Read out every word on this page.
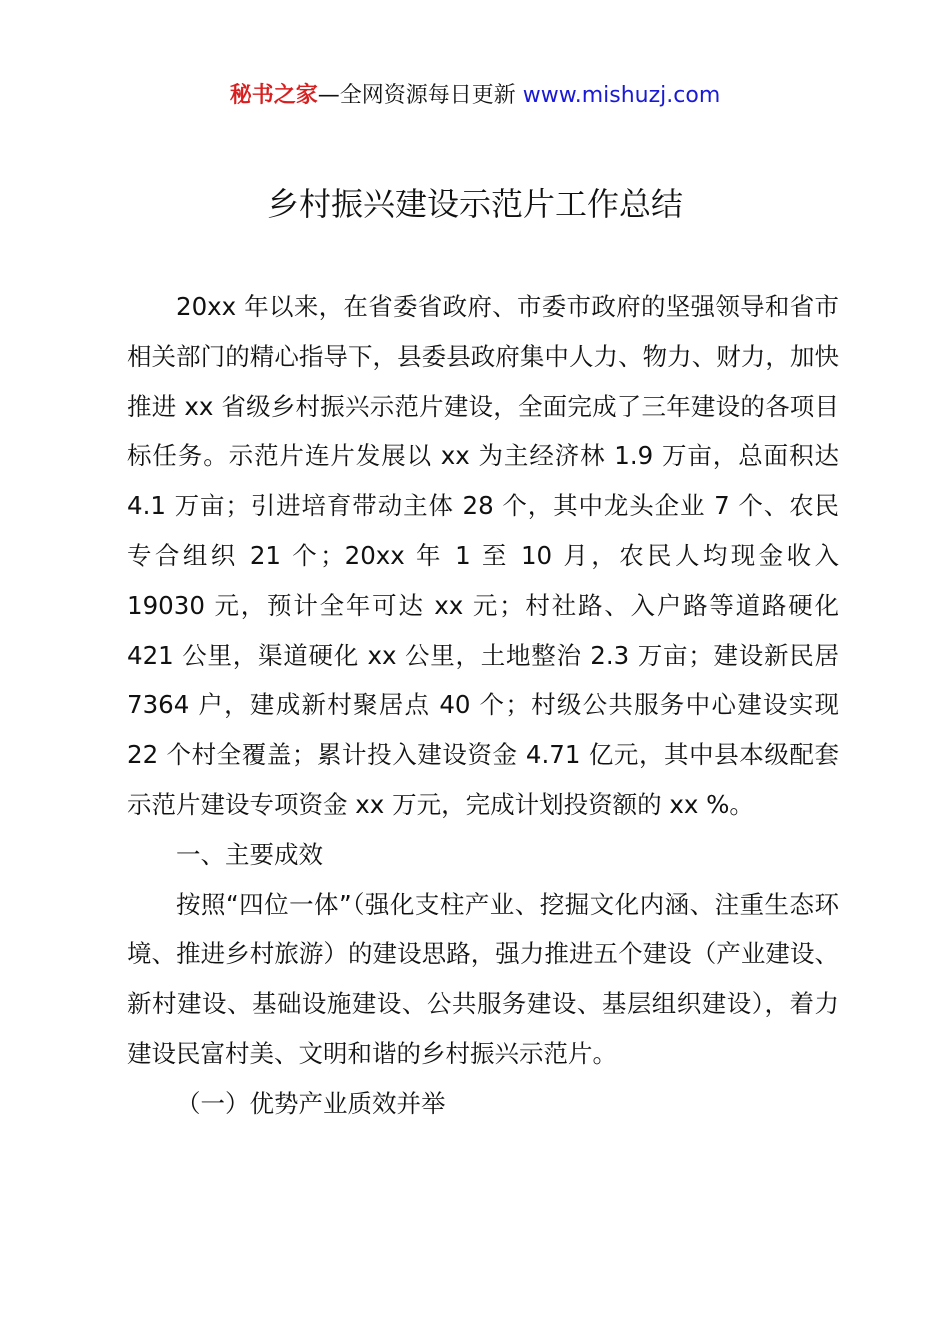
秘书之家—全网资源每日更新 www.mishuzj.com
乡村振兴建设示范片工作总结

20xx 年以来，在省委省政府、市委市政府的坚强领导和省市相关部门的精心指导下，县委县政府集中人力、物力、财力，加快推进 xx 省级乡村振兴示范片建设，全面完成了三年建设的各项目标任务。示范片连片发展以 xx 为主经济林 1.9 万亩，总面积达 4.1 万亩；引进培育带动主体 28 个，其中龙头企业 7 个、农民专合组织 21 个；20xx 年 1 至 10 月，农民人均现金收入 19030 元，预计全年可达 xx 元；村社路、入户路等道路硬化 421 公里，渠道硬化 xx 公里，土地整治 2.3 万亩；建设新民居 7364 户，建成新村聚居点 40 个；村级公共服务中心建设实现 22 个村全覆盖；累计投入建设资金 4.71 亿元，其中县本级配套示范片建设专项资金 xx 万元，完成计划投资额的 xx %。

一、主要成效

按照“四位一体”（强化支柱产业、挖掘文化内涵、注重生态环境、推进乡村旅游）的建设思路，强力推进五个建设（产业建设、新村建设、基础设施建设、公共服务建设、基层组织建设），着力建设民富村美、文明和谐的乡村振兴示范片。

（一）优势产业质效并举
